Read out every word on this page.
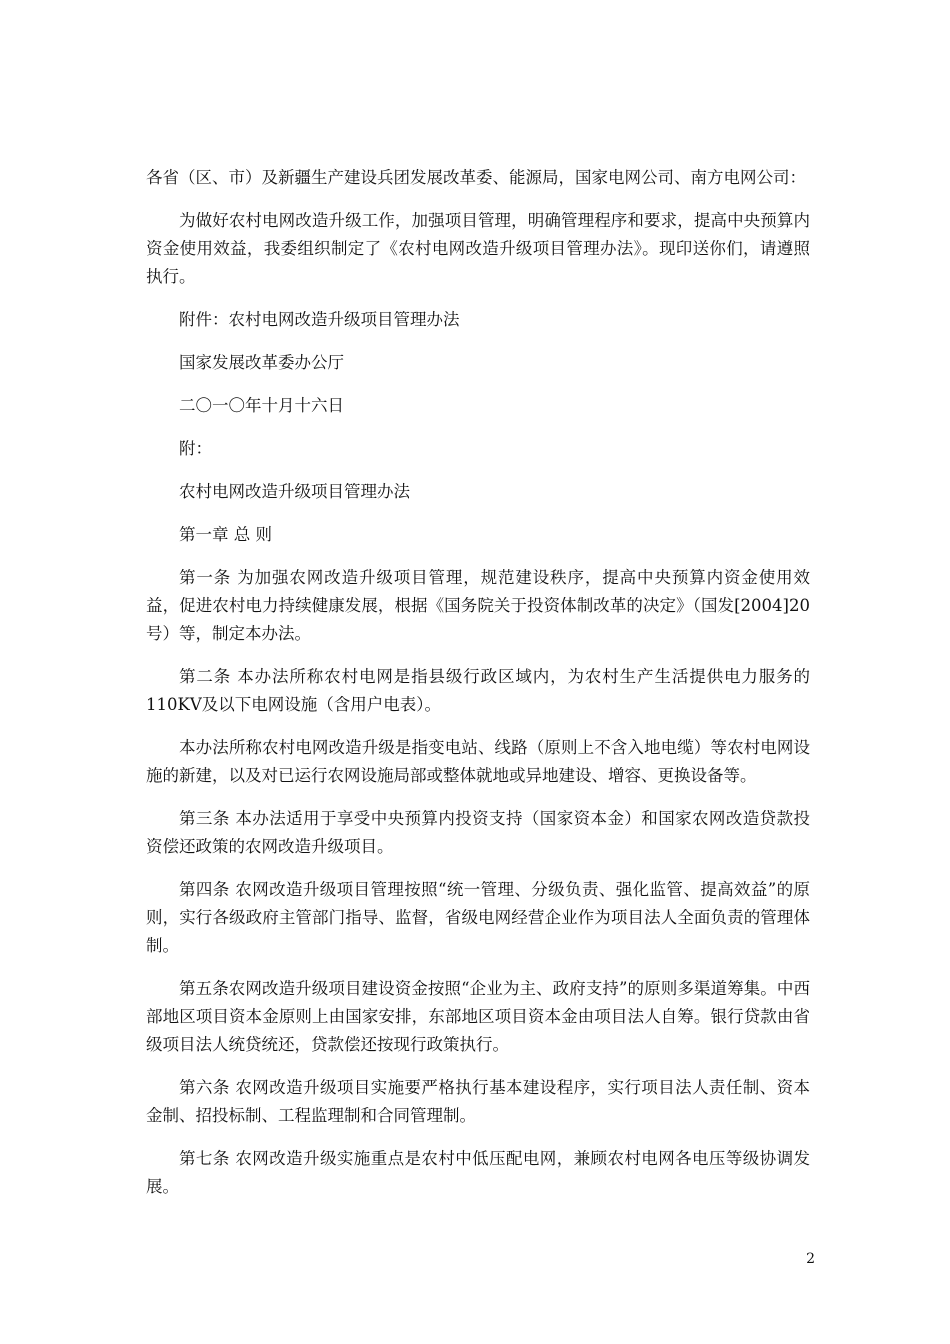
各省（区、市）及新疆生产建设兵团发展改革委、能源局，国家电网公司、南方电网公司：

为做好农村电网改造升级工作，加强项目管理，明确管理程序和要求，提高中央预算内资金使用效益，我委组织制定了《农村电网改造升级项目管理办法》。现印送你们，请遵照执行。

附件：农村电网改造升级项目管理办法

国家发展改革委办公厅

二〇一〇年十月十六日

附：

农村电网改造升级项目管理办法

第一章 总 则

第一条 为加强农网改造升级项目管理，规范建设秩序，提高中央预算内资金使用效益，促进农村电力持续健康发展，根据《国务院关于投资体制改革的决定》（国发[2004]20号）等，制定本办法。

第二条 本办法所称农村电网是指县级行政区域内，为农村生产生活提供电力服务的110KV及以下电网设施（含用户电表）。

本办法所称农村电网改造升级是指变电站、线路（原则上不含入地电缆）等农村电网设施的新建，以及对已运行农网设施局部或整体就地或异地建设、增容、更换设备等。

第三条 本办法适用于享受中央预算内投资支持（国家资本金）和国家农网改造贷款投资偿还政策的农网改造升级项目。

第四条 农网改造升级项目管理按照“统一管理、分级负责、强化监管、提高效益”的原则，实行各级政府主管部门指导、监督，省级电网经营企业作为项目法人全面负责的管理体制。

第五条农网改造升级项目建设资金按照“企业为主、政府支持”的原则多渠道筹集。中西部地区项目资本金原则上由国家安排，东部地区项目资本金由项目法人自筹。银行贷款由省级项目法人统贷统还，贷款偿还按现行政策执行。

第六条 农网改造升级项目实施要严格执行基本建设程序，实行项目法人责任制、资本金制、招投标制、工程监理制和合同管理制。

第七条 农网改造升级实施重点是农村中低压配电网，兼顾农村电网各电压等级协调发展。

2
